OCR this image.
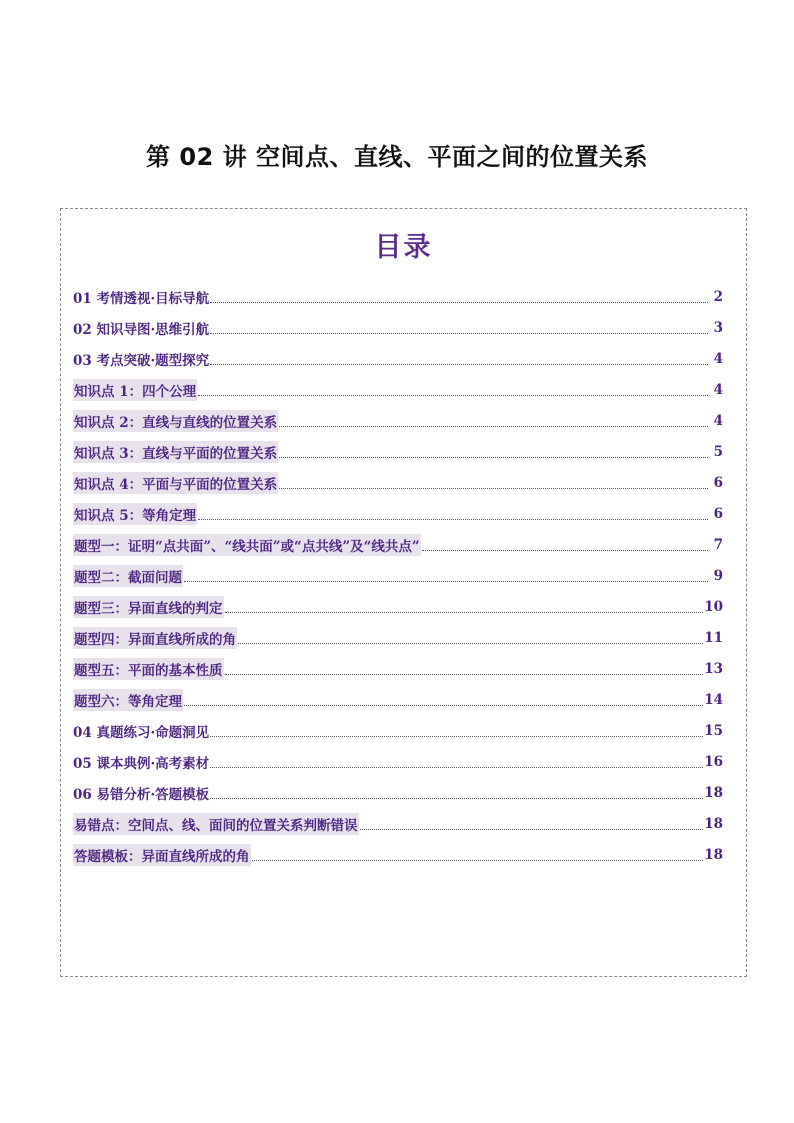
第 02 讲 空间点、直线、平面之间的位置关系
目录
01 考情透视·目标导航	2
02 知识导图·思维引航	3
03 考点突破·题型探究	4
知识点 1：四个公理	4
知识点 2：直线与直线的位置关系	4
知识点 3：直线与平面的位置关系	5
知识点 4：平面与平面的位置关系	6
知识点 5：等角定理	6
题型一：证明“点共面”、“线共面”或“点共线”及“线共点”	7
题型二：截面问题	9
题型三：异面直线的判定	10
题型四：异面直线所成的角	11
题型五：平面的基本性质	13
题型六：等角定理	14
04 真题练习·命题洞见	15
05 课本典例·高考素材	16
06 易错分析·答题模板	18
易错点：空间点、线、面间的位置关系判断错误	18
答题模板：异面直线所成的角	18
